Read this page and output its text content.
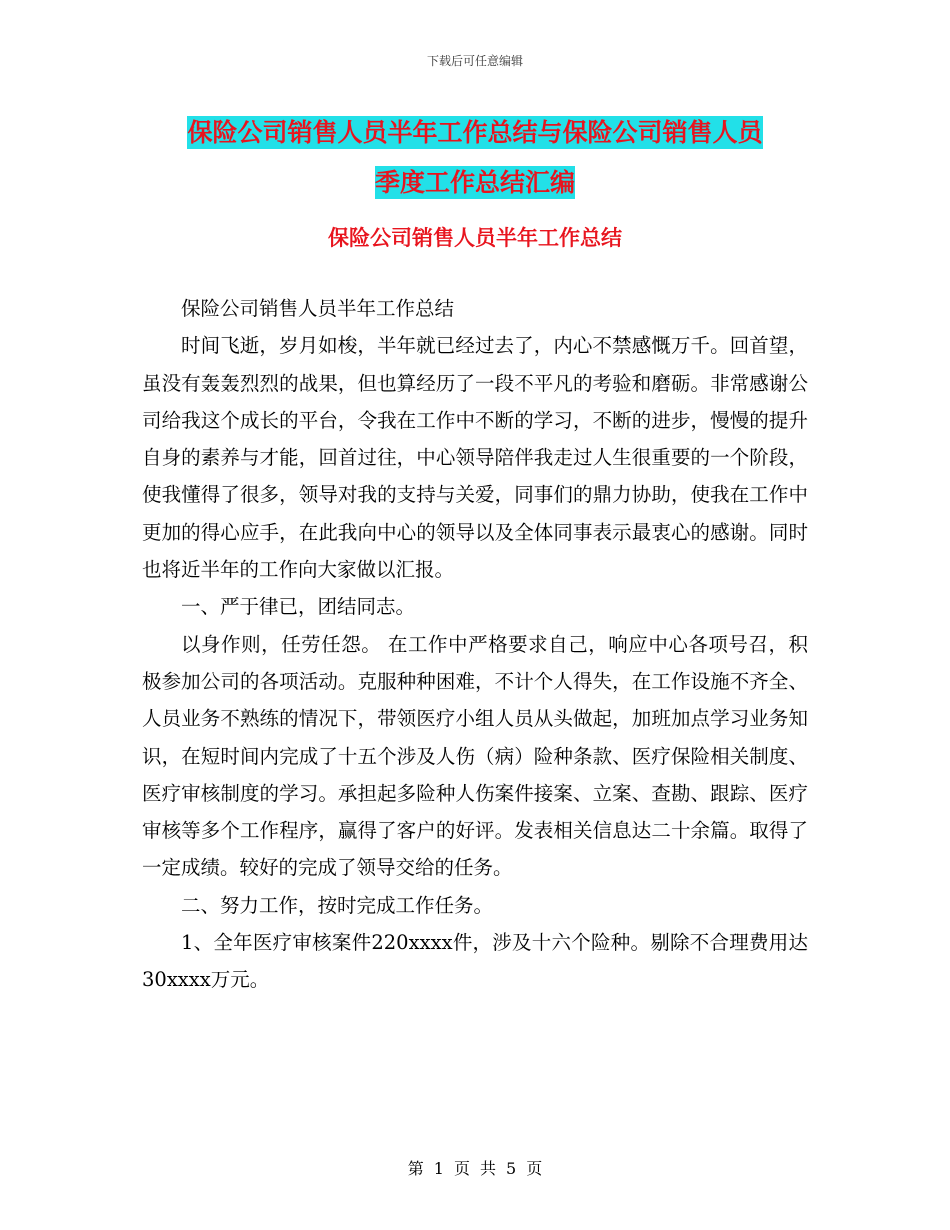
下载后可任意编辑
保险公司销售人员半年工作总结与保险公司销售人员
季度工作总结汇编
保险公司销售人员半年工作总结

保险公司销售人员半年工作总结

时间飞逝，岁月如梭，半年就已经过去了，内心不禁感慨万千。回首望，虽没有轰轰烈烈的战果，但也算经历了一段不平凡的考验和磨砺。非常感谢公司给我这个成长的平台，令我在工作中不断的学习，不断的进步，慢慢的提升自身的素养与才能，回首过往，中心领导陪伴我走过人生很重要的一个阶段，使我懂得了很多，领导对我的支持与关爱，同事们的鼎力协助，使我在工作中更加的得心应手，在此我向中心的领导以及全体同事表示最衷心的感谢。同时也将近半年的工作向大家做以汇报。

一、严于律已，团结同志。

以身作则，任劳任怨。 在工作中严格要求自己，响应中心各项号召，积极参加公司的各项活动。克服种种困难，不计个人得失，在工作设施不齐全、人员业务不熟练的情况下，带领医疗小组人员从头做起，加班加点学习业务知识，在短时间内完成了十五个涉及人伤（病）险种条款、医疗保险相关制度、医疗审核制度的学习。承担起多险种人伤案件接案、立案、查勘、跟踪、医疗审核等多个工作程序，赢得了客户的好评。发表相关信息达二十余篇。取得了一定成绩。较好的完成了领导交给的任务。

二、努力工作，按时完成工作任务。

1、全年医疗审核案件220xxxx件，涉及十六个险种。剔除不合理费用达30xxxx万元。

第 1 页 共 5 页
